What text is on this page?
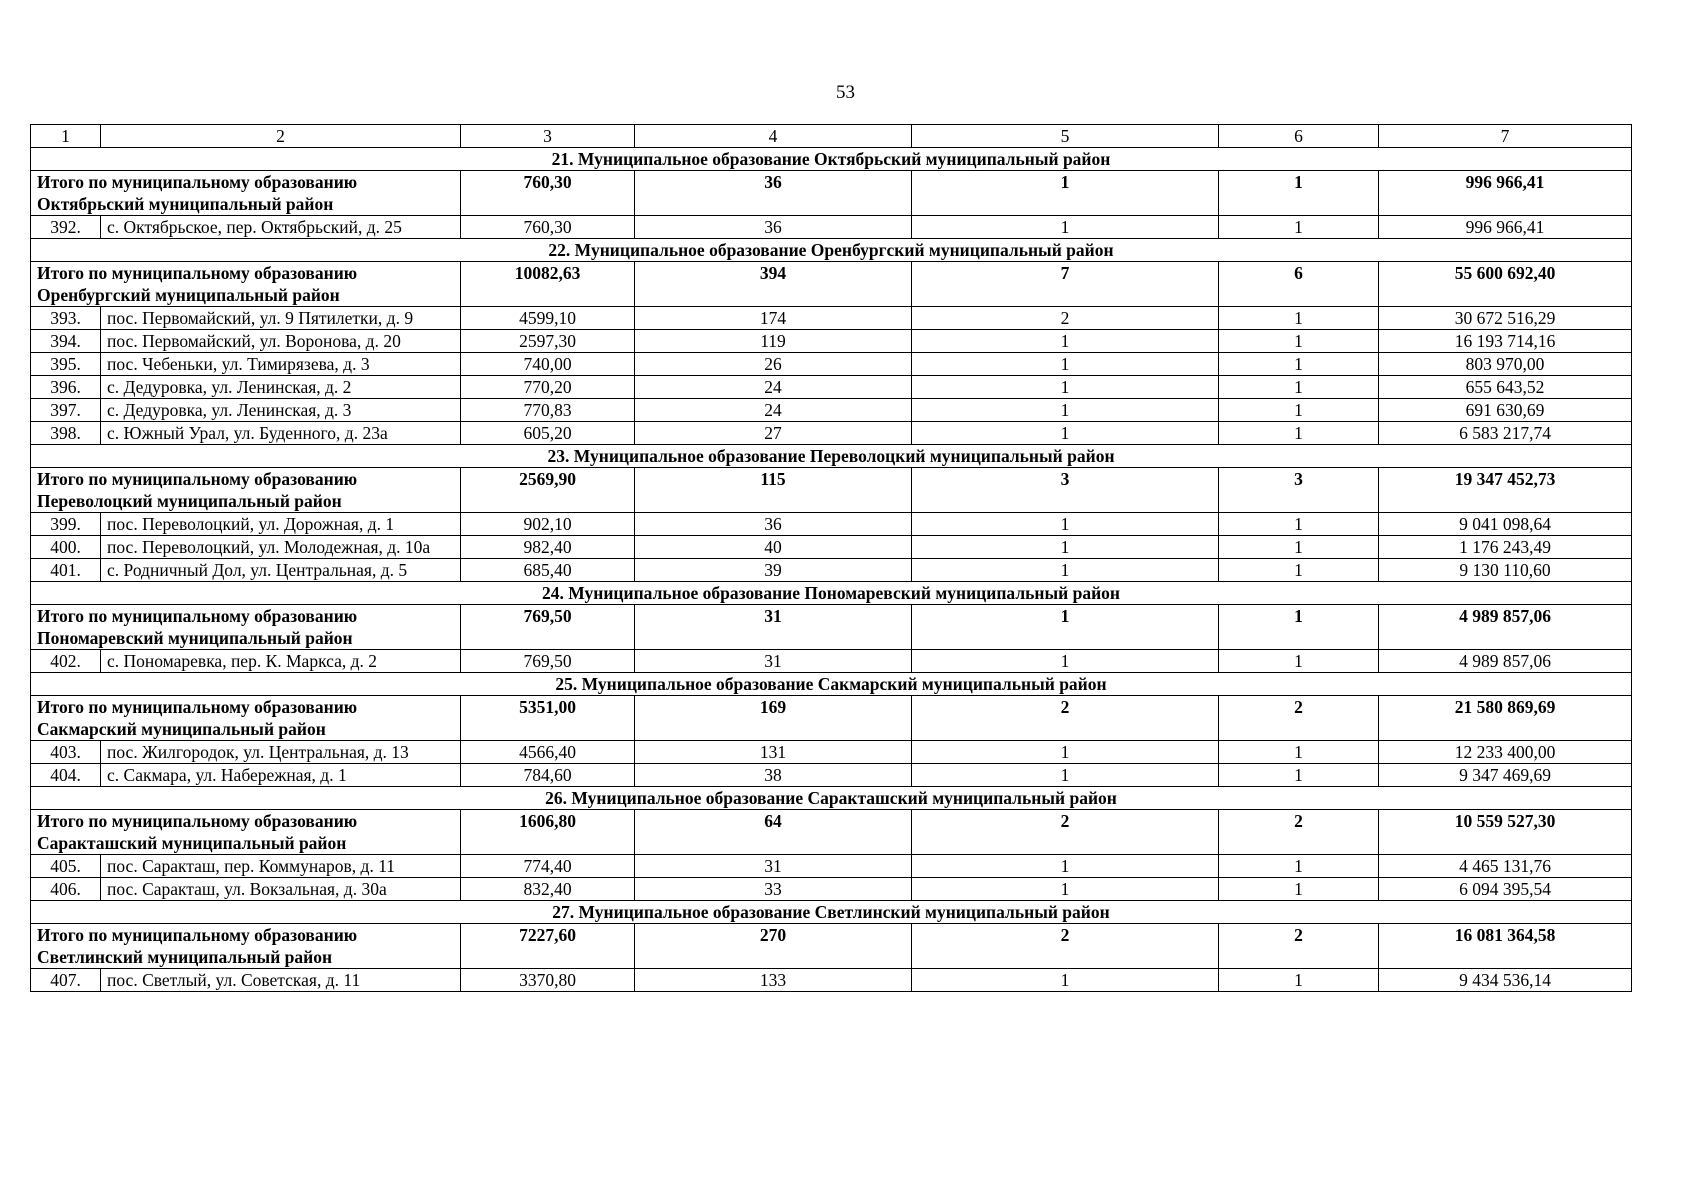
53
1	2	3	4	5	6	7
21. Муниципальное образование Октябрьский муниципальный район						
Итого по муниципальному образованию Октябрьский муниципальный район		760,30	36	1	1	996 966,41
392.	с. Октябрьское, пер. Октябрьский, д. 25	760,30	36	1	1	996 966,41
22. Муниципальное образование Оренбургский муниципальный район						
Итого по муниципальному образованию Оренбургский муниципальный район		10082,63	394	7	6	55 600 692,40
393.	пос. Первомайский, ул. 9 Пятилетки, д. 9	4599,10	174	2	1	30 672 516,29
394.	пос. Первомайский, ул. Воронова, д. 20	2597,30	119	1	1	16 193 714,16
395.	пос. Чебеньки, ул. Тимирязева, д. 3	740,00	26	1	1	803 970,00
396.	с. Дедуровка, ул. Ленинская, д. 2	770,20	24	1	1	655 643,52
397.	с. Дедуровка, ул. Ленинская, д. 3	770,83	24	1	1	691 630,69
398.	с. Южный Урал, ул. Буденного, д. 23а	605,20	27	1	1	6 583 217,74
23. Муниципальное образование Переволоцкий муниципальный район						
Итого по муниципальному образованию Переволоцкий муниципальный район		2569,90	115	3	3	19 347 452,73
399.	пос. Переволоцкий, ул. Дорожная, д. 1	902,10	36	1	1	9 041 098,64
400.	пос. Переволоцкий, ул. Молодежная, д. 10а	982,40	40	1	1	1 176 243,49
401.	с. Родничный Дол, ул. Центральная, д. 5	685,40	39	1	1	9 130 110,60
24. Муниципальное образование Пономаревский муниципальный район						
Итого по муниципальному образованию Пономаревский муниципальный район		769,50	31	1	1	4 989 857,06
402.	с. Пономаревка, пер. К. Маркса, д. 2	769,50	31	1	1	4 989 857,06
25. Муниципальное образование Сакмарский муниципальный район						
Итого по муниципальному образованию Сакмарский муниципальный район		5351,00	169	2	2	21 580 869,69
403.	пос. Жилгородок, ул. Центральная, д. 13	4566,40	131	1	1	12 233 400,00
404.	с. Сакмара, ул. Набережная, д. 1	784,60	38	1	1	9 347 469,69
26. Муниципальное образование Саракташский муниципальный район						
Итого по муниципальному образованию Саракташский муниципальный район		1606,80	64	2	2	10 559 527,30
405.	пос. Саракташ, пер. Коммунаров, д. 11	774,40	31	1	1	4 465 131,76
406.	пос. Саракташ, ул. Вокзальная, д. 30а	832,40	33	1	1	6 094 395,54
27. Муниципальное образование Светлинский муниципальный район						
Итого по муниципальному образованию Светлинский муниципальный район		7227,60	270	2	2	16 081 364,58
407.	пос. Светлый, ул. Советская, д. 11	3370,80	133	1	1	9 434 536,14
